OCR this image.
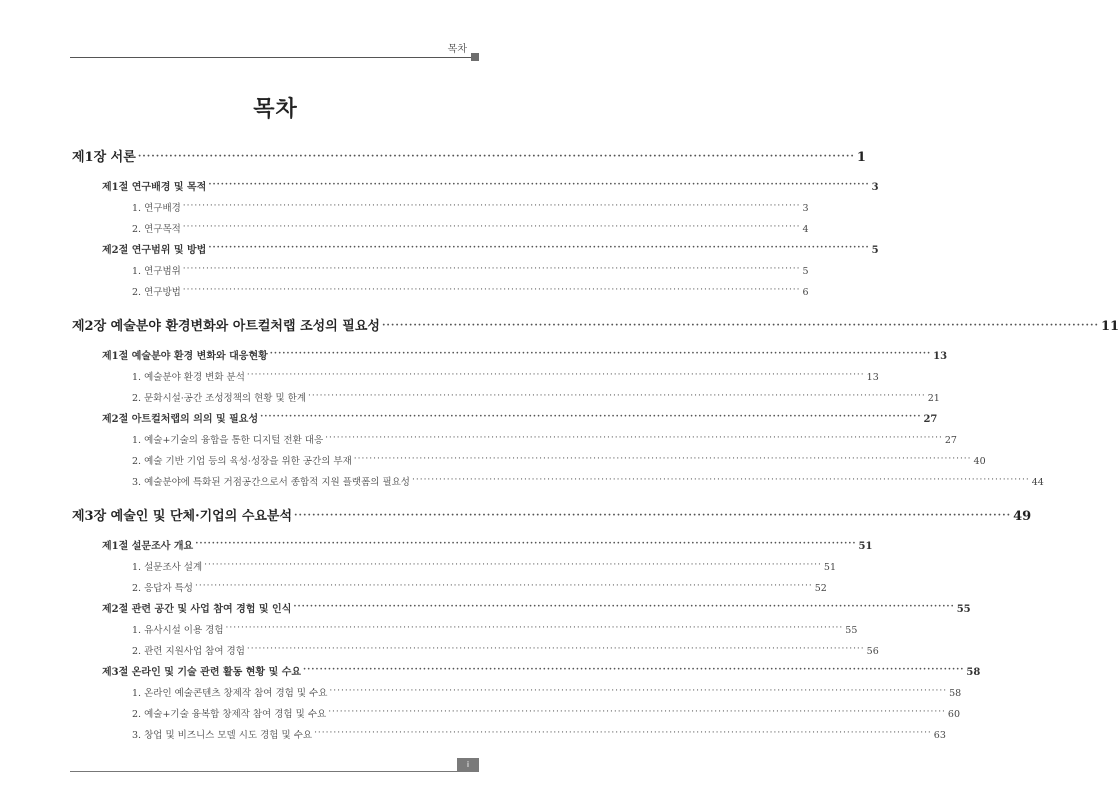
목차
목차
제1장 서론 ································································································································································ 1
제1절 연구배경 및 목적 ································································································································································ 3
1. 연구배경 ································································································································································ 3
2. 연구목적 ································································································································································ 4
제2절 연구범위 및 방법 ································································································································································ 5
1. 연구범위 ································································································································································ 5
2. 연구방법 ································································································································································ 6
제2장 예술분야 환경변화와 아트컬처랩 조성의 필요성 ································································································································································ 11
제1절 예술분야 환경 변화와 대응현황 ································································································································································ 13
1. 예술분야 환경 변화 분석 ································································································································································ 13
2. 문화시설·공간 조성정책의 현황 및 한계 ································································································································································ 21
제2절 아트컬처랩의 의의 및 필요성 ································································································································································ 27
1. 예술+기술의 융합을 통한 디지털 전환 대응 ································································································································································ 27
2. 예술 기반 기업 등의 육성·성장을 위한 공간의 부재 ································································································································································ 40
3. 예술분야에 특화된 거점공간으로서 종합적 지원 플랫폼의 필요성 ································································································································································ 44
제3장 예술인 및 단체·기업의 수요분석 ································································································································································ 49
제1절 설문조사 개요 ································································································································································ 51
1. 설문조사 설계 ································································································································································ 51
2. 응답자 특성 ································································································································································ 52
제2절 관련 공간 및 사업 참여 경험 및 인식 ································································································································································ 55
1. 유사시설 이용 경험 ································································································································································ 55
2. 관련 지원사업 참여 경험 ································································································································································ 56
제3절 온라인 및 기술 관련 활동 현황 및 수요 ································································································································································ 58
1. 온라인 예술콘텐츠 창제작 참여 경험 및 수요 ································································································································································ 58
2. 예술+기술 융복합 창제작 참여 경험 및 수요 ································································································································································ 60
3. 창업 및 비즈니스 모델 시도 경험 및 수요 ································································································································································ 63
i
